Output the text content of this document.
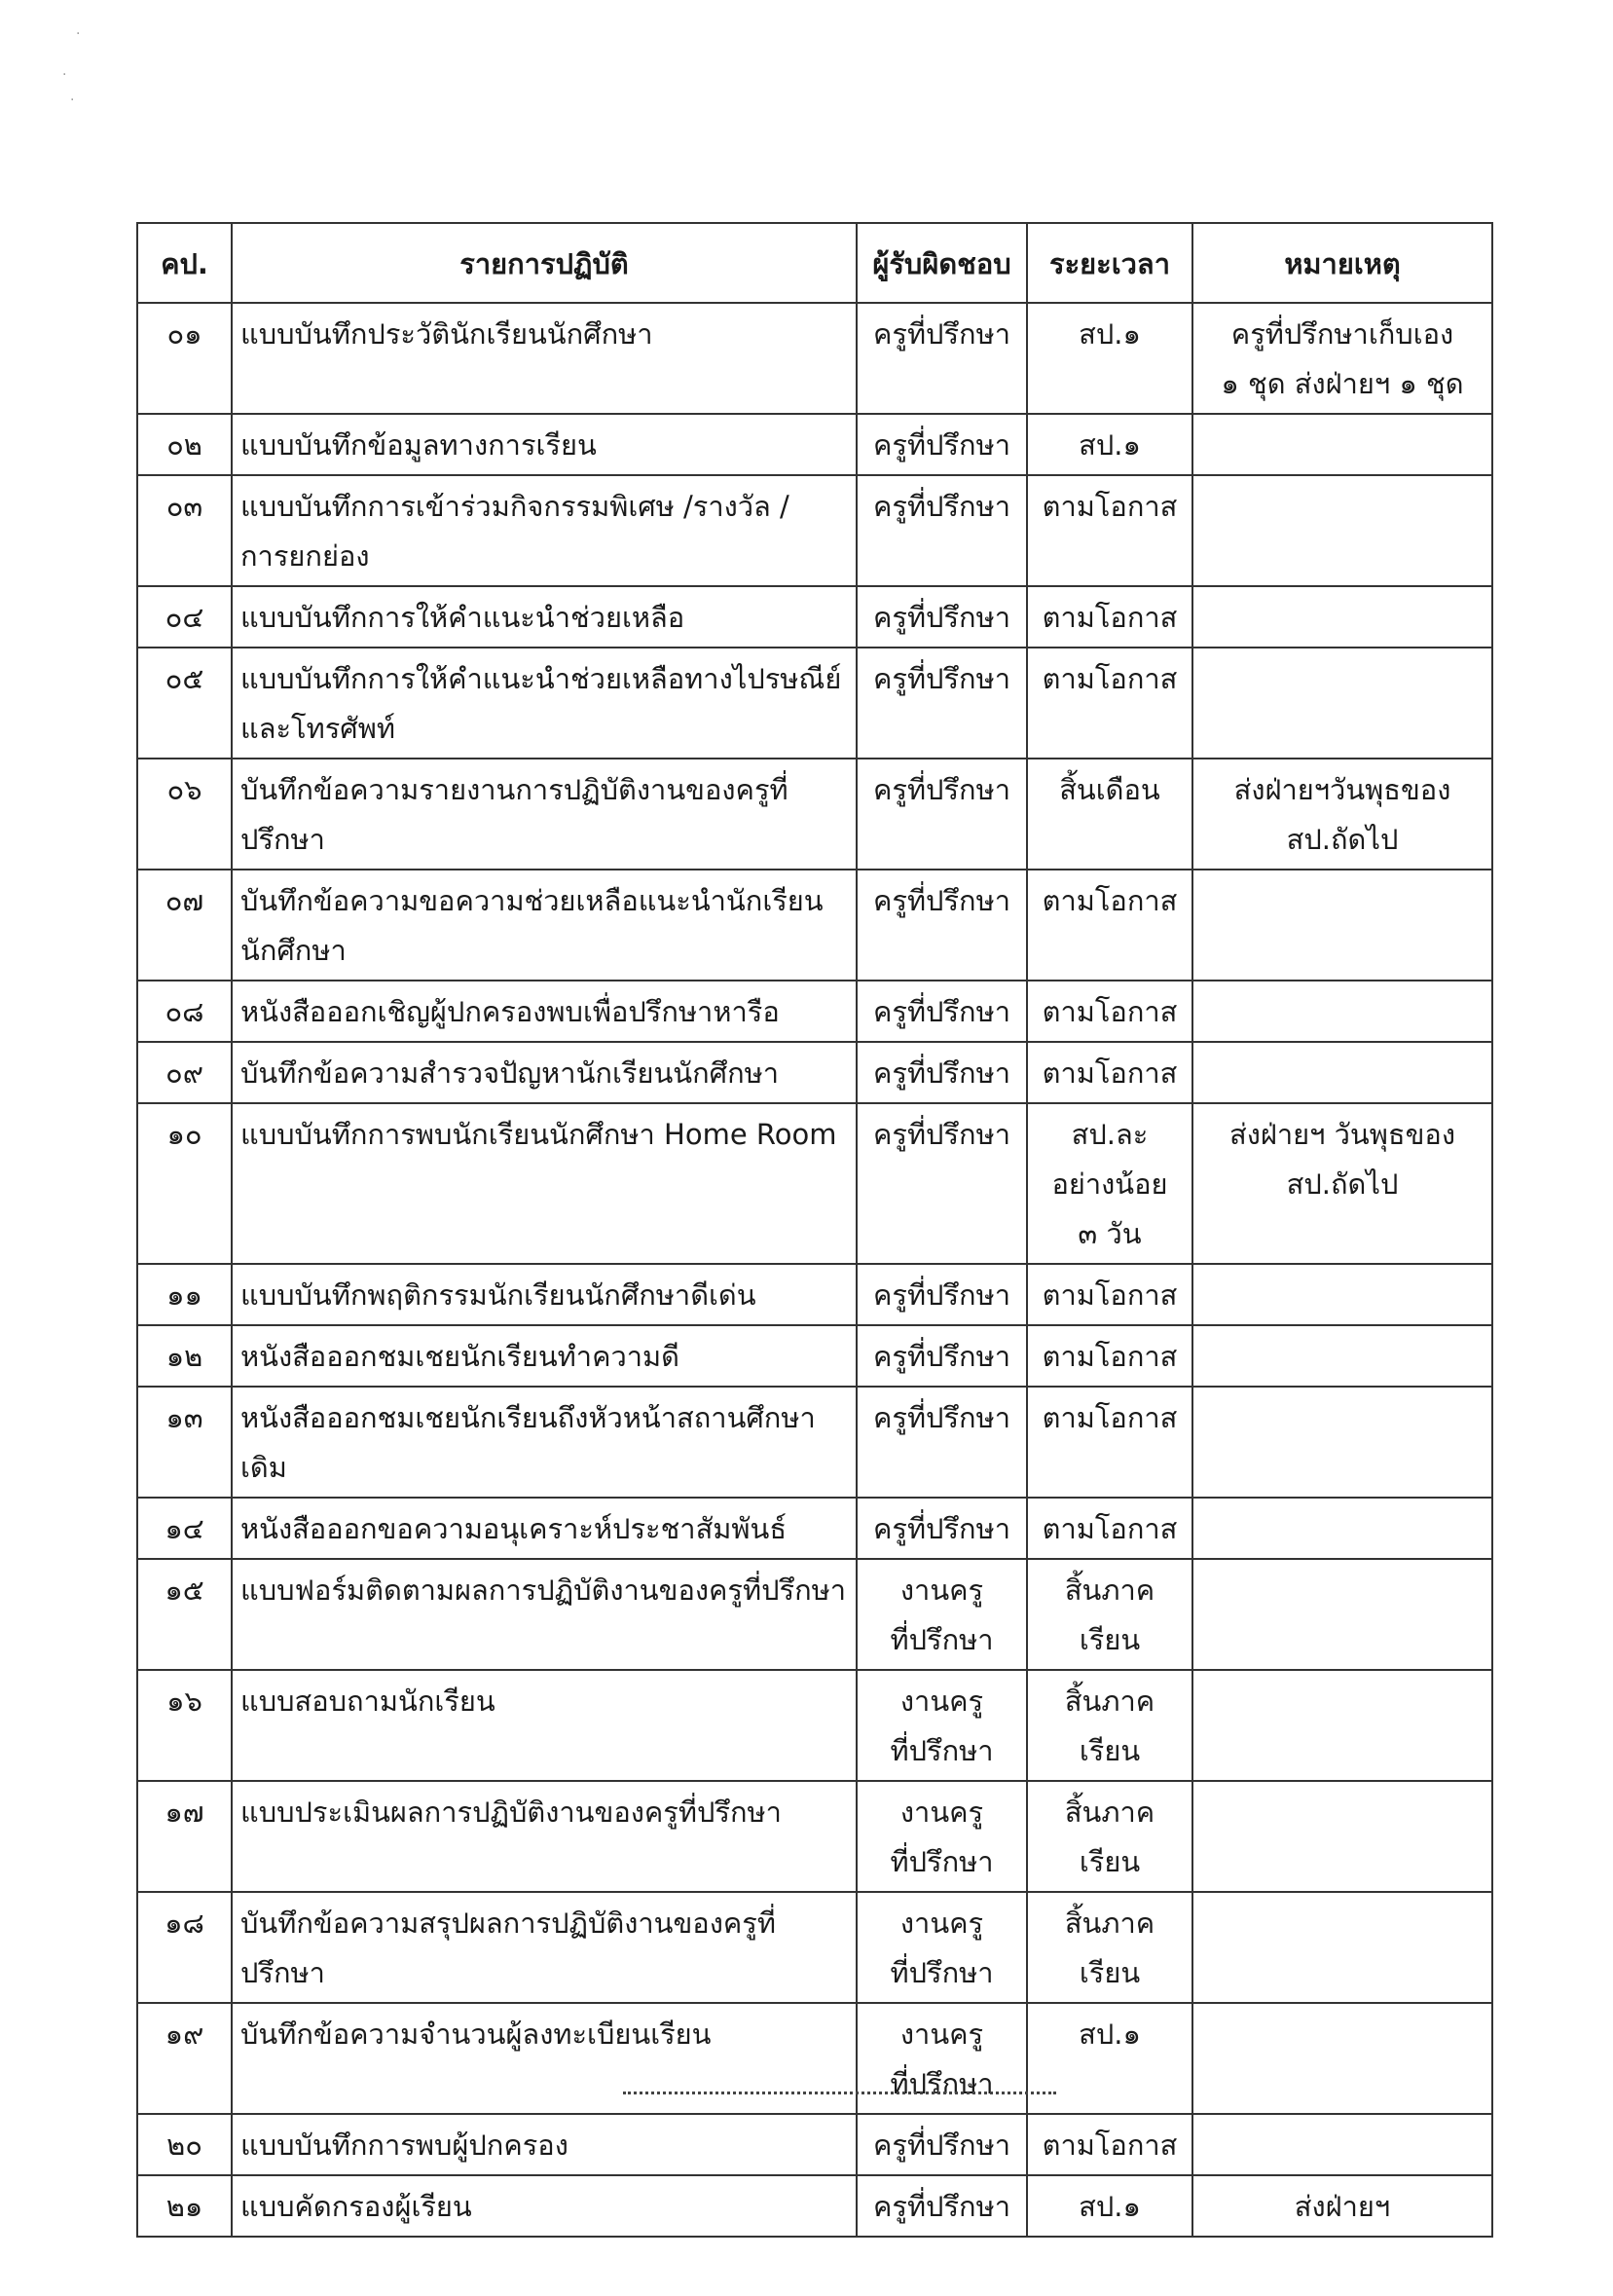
·
·
·
คป.	รายการปฏิบัติ	ผู้รับผิดชอบ	ระยะเวลา	หมายเหตุ
๐๑	แบบบันทึกประวัตินักเรียนนักศึกษา	ครูที่ปรึกษา	สป.๑	ครูที่ปรึกษาเก็บเอง
๑ ชุด ส่งฝ่ายฯ ๑ ชุด

๐๒	แบบบันทึกข้อมูลทางการเรียน	ครูที่ปรึกษา	สป.๑	

๐๓	แบบบันทึกการเข้าร่วมกิจกรรมพิเศษ /รางวัล /
การยกย่อง	ครูที่ปรึกษา	ตามโอกาส	

๐๔	แบบบันทึกการให้คำแนะนำช่วยเหลือ	ครูที่ปรึกษา	ตามโอกาส	

๐๕	แบบบันทึกการให้คำแนะนำช่วยเหลือทางไปรษณีย์
และโทรศัพท์	ครูที่ปรึกษา	ตามโอกาส	

๐๖	บันทึกข้อความรายงานการปฏิบัติงานของครูที่ปรึกษา	ครูที่ปรึกษา	สิ้นเดือน	ส่งฝ่ายฯวันพุธของ
สป.ถัดไป

๐๗	บันทึกข้อความขอความช่วยเหลือแนะนำนักเรียน
นักศึกษา	ครูที่ปรึกษา	ตามโอกาส	

๐๘	หนังสือออกเชิญผู้ปกครองพบเพื่อปรึกษาหารือ	ครูที่ปรึกษา	ตามโอกาส	

๐๙	บันทึกข้อความสำรวจปัญหานักเรียนนักศึกษา	ครูที่ปรึกษา	ตามโอกาส	

๑๐	แบบบันทึกการพบนักเรียนนักศึกษา Home Room	ครูที่ปรึกษา	สป.ละ
อย่างน้อย
๓ วัน	ส่งฝ่ายฯ วันพุธของ
สป.ถัดไป

๑๑	แบบบันทึกพฤติกรรมนักเรียนนักศึกษาดีเด่น	ครูที่ปรึกษา	ตามโอกาส	

๑๒	หนังสือออกชมเชยนักเรียนทำความดี	ครูที่ปรึกษา	ตามโอกาส	

๑๓	หนังสือออกชมเชยนักเรียนถึงหัวหน้าสถานศึกษาเดิม	ครูที่ปรึกษา	ตามโอกาส	

๑๔	หนังสือออกขอความอนุเคราะห์ประชาสัมพันธ์	ครูที่ปรึกษา	ตามโอกาส	

๑๕	แบบฟอร์มติดตามผลการปฏิบัติงานของครูที่ปรึกษา	งานครู
ที่ปรึกษา	สิ้นภาคเรียน	

๑๖	แบบสอบถามนักเรียน	งานครู
ที่ปรึกษา	สิ้นภาคเรียน	

๑๗	แบบประเมินผลการปฏิบัติงานของครูที่ปรึกษา	งานครู
ที่ปรึกษา	สิ้นภาคเรียน	

๑๘	บันทึกข้อความสรุปผลการปฏิบัติงานของครูที่ปรึกษา	งานครู
ที่ปรึกษา	สิ้นภาคเรียน	

๑๙	บันทึกข้อความจำนวนผู้ลงทะเบียนเรียน	งานครู
ที่ปรึกษา	สป.๑	

๒๐	แบบบันทึกการพบผู้ปกครอง	ครูที่ปรึกษา	ตามโอกาส	

๒๑	แบบคัดกรองผู้เรียน	ครูที่ปรึกษา	สป.๑	ส่งฝ่ายฯ
